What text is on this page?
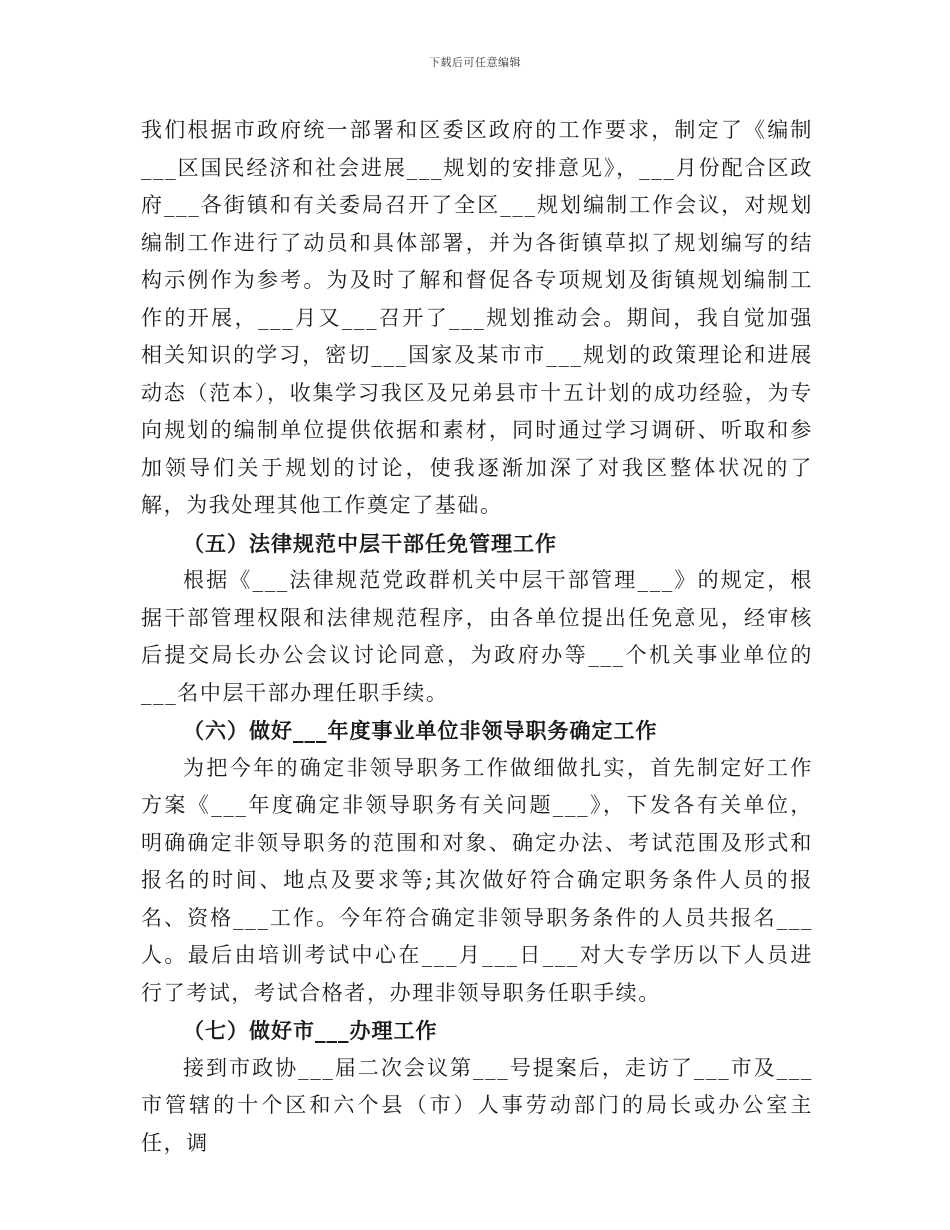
下载后可任意编辑

我们根据市政府统一部署和区委区政府的工作要求，制定了《编制___区国民经济和社会进展___规划的安排意见》，___月份配合区政府___各街镇和有关委局召开了全区___规划编制工作会议，对规划编制工作进行了动员和具体部署，并为各街镇草拟了规划编写的结构示例作为参考。为及时了解和督促各专项规划及街镇规划编制工作的开展，___月又___召开了___规划推动会。期间，我自觉加强相关知识的学习，密切___国家及某市市___规划的政策理论和进展动态（范本），收集学习我区及兄弟县市十五计划的成功经验，为专向规划的编制单位提供依据和素材，同时通过学习调研、听取和参加领导们关于规划的讨论，使我逐渐加深了对我区整体状况的了解，为我处理其他工作奠定了基础。

（五）法律规范中层干部任免管理工作

根据《___法律规范党政群机关中层干部管理___》的规定，根据干部管理权限和法律规范程序，由各单位提出任免意见，经审核后提交局长办公会议讨论同意，为政府办等___个机关事业单位的___名中层干部办理任职手续。

（六）做好___年度事业单位非领导职务确定工作

为把今年的确定非领导职务工作做细做扎实，首先制定好工作方案《___年度确定非领导职务有关问题___》，下发各有关单位，明确确定非领导职务的范围和对象、确定办法、考试范围及形式和报名的时间、地点及要求等;其次做好符合确定职务条件人员的报名、资格___工作。今年符合确定非领导职务条件的人员共报名___人。最后由培训考试中心在___月___日___对大专学历以下人员进行了考试，考试合格者，办理非领导职务任职手续。

（七）做好市___办理工作

接到市政协___届二次会议第___号提案后，走访了___市及___市管辖的十个区和六个县（市）人事劳动部门的局长或办公室主任，调
